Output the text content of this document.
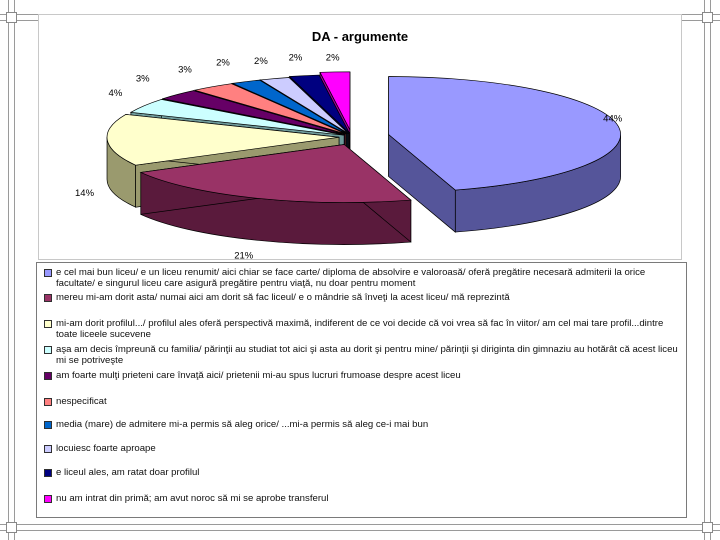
DA - argumente
44%
21%
14%
4%
3%
3%
2%	2% 2% 2%
e cel mai bun liceu/ e un liceu renumit/ aici chiar se face carte/ diploma de absolvire e valoroasă/ oferă pregătire necesară admiterii la orice facultate/ e singurul liceu care asigură pregătire pentru viaţă, nu doar pentru moment
mereu mi-am dorit asta/ numai aici am dorit să fac liceul/ e o mândrie să înveţi la acest liceu/ mă reprezintă
mi-am dorit profilul.../ profilul ales oferă perspectivă maximă, indiferent de ce voi decide că voi vrea să fac în viitor/ am cel mai tare profil...dintre toate liceele sucevene
aşa am decis împreună cu familia/ părinţii au studiat tot aici şi asta au dorit şi pentru mine/ părinţii şi diriginta din gimnaziu au hotărât că acest liceu mi se potriveşte
am foarte mulţi prieteni care învaţă aici/ prietenii mi-au spus lucruri frumoase despre acest liceu
nespecificat
media (mare) de admitere mi-a permis să aleg orice/ ...mi-a permis să aleg ce-i mai bun
locuiesc foarte aproape
e liceul ales, am ratat doar profilul
nu am intrat din primă; am avut noroc să mi se aprobe transferul
